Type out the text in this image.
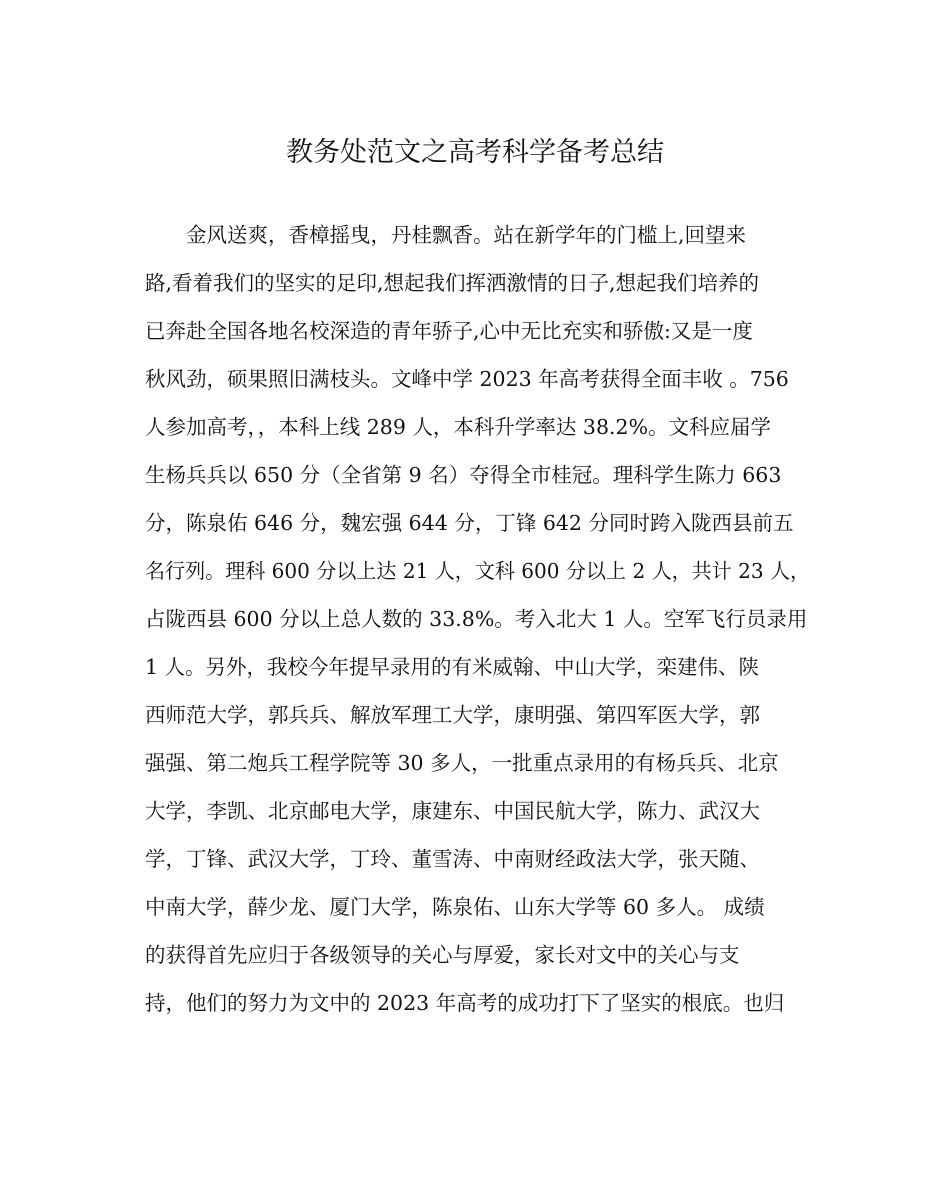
教务处范文之高考科学备考总结
金风送爽，香樟摇曳，丹桂飘香。站在新学年的门槛上,回望来
路,看着我们的坚实的足印,想起我们挥洒激情的日子,想起我们培养的
已奔赴全国各地名校深造的青年骄子,心中无比充实和骄傲:又是一度
秋风劲，硕果照旧满枝头。文峰中学 2023 年高考获得全面丰收 。756
人参加高考，，本科上线 289 人，本科升学率达 38.2%。文科应届学
生杨兵兵以 650 分（全省第 9 名）夺得全市桂冠。理科学生陈力 663
分，陈泉佑 646 分，魏宏强 644 分，丁锋 642 分同时跨入陇西县前五
名行列。理科 600 分以上达 21 人，文科 600 分以上 2 人，共计 23 人，
占陇西县 600 分以上总人数的 33.8%。考入北大 1 人。空军飞行员录用
1 人。另外，我校今年提早录用的有米威翰、中山大学，栾建伟、陕
西师范大学，郭兵兵、解放军理工大学，康明强、第四军医大学，郭
强强、第二炮兵工程学院等 30 多人，一批重点录用的有杨兵兵、北京
大学，李凯、北京邮电大学，康建东、中国民航大学，陈力、武汉大
学，丁锋、武汉大学，丁玲、董雪涛、中南财经政法大学，张天随、
中南大学，薛少龙、厦门大学，陈泉佑、山东大学等 60 多人。 成绩
的获得首先应归于各级领导的关心与厚爱，家长对文中的关心与支
持，他们的努力为文中的 2023 年高考的成功打下了坚实的根底。也归
